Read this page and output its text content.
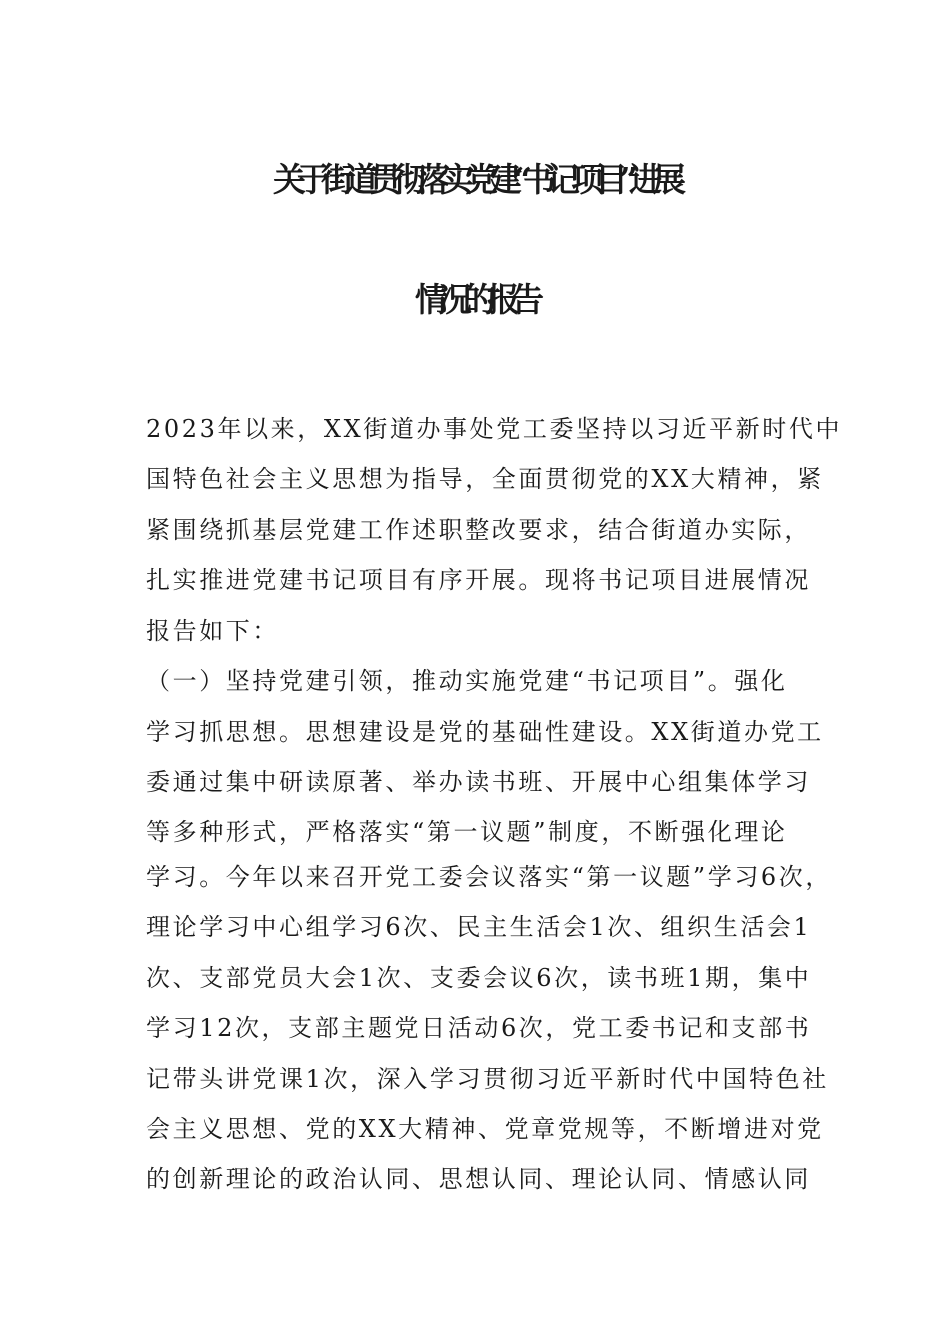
关于街道贯彻落实党建“书记项目”进展
情况的报告
2023年以来，XX街道办事处党工委坚持以习近平新时代中
国特色社会主义思想为指导，全面贯彻党的XX大精神，紧
紧围绕抓基层党建工作述职整改要求，结合街道办实际，
扎实推进党建书记项目有序开展。现将书记项目进展情况
报告如下：
（一）坚持党建引领，推动实施党建“书记项目”。强化
学习抓思想。思想建设是党的基础性建设。XX街道办党工
委通过集中研读原著、举办读书班、开展中心组集体学习
等多种形式，严格落实“第一议题”制度，不断强化理论
学习。今年以来召开党工委会议落实“第一议题”学习6次，
理论学习中心组学习6次、民主生活会1次、组织生活会1
次、支部党员大会1次、支委会议6次，读书班1期，集中
学习12次，支部主题党日活动6次，党工委书记和支部书
记带头讲党课1次，深入学习贯彻习近平新时代中国特色社
会主义思想、党的XX大精神、党章党规等，不断增进对党
的创新理论的政治认同、思想认同、理论认同、情感认同
